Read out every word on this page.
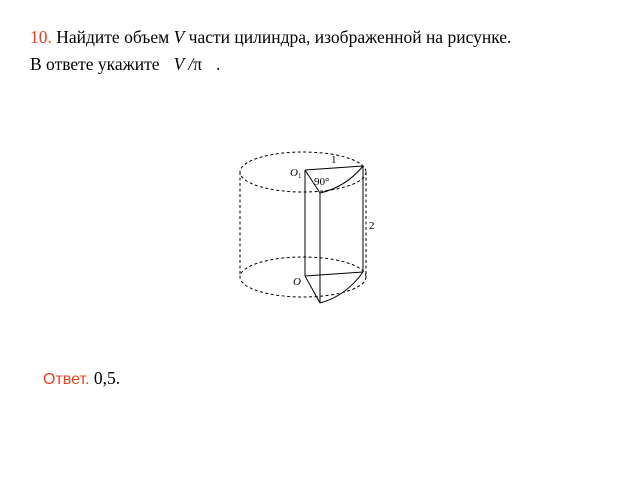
10. Найдите объем V части цилиндра, изображенной на рисунке.
В ответе укажите V /π .
O 1
1
90°
2
O
Ответ. 0,5.
